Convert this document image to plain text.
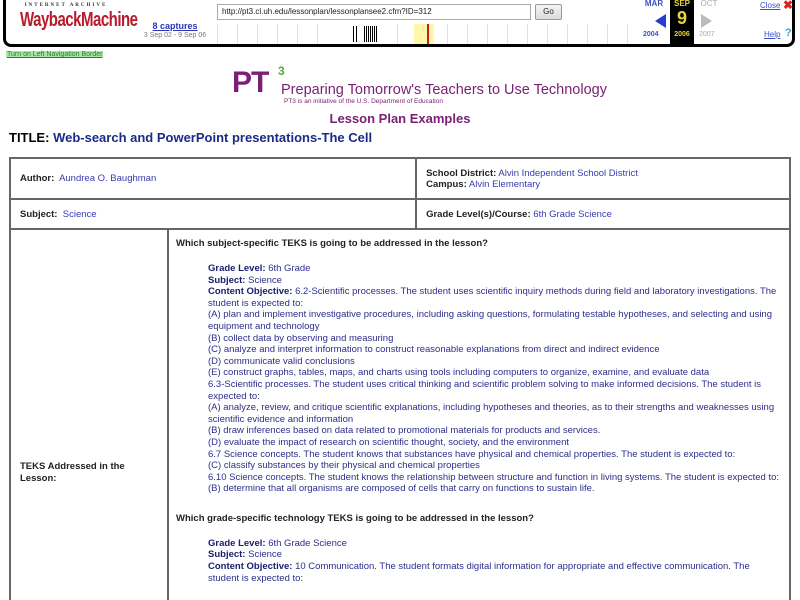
INTERNET ARCHIVE
WaybackMachine	8 captures
3 Sep 02 - 9 Sep 06
http://pt3.cl.uh.edu/lessonplan/lessonplansee2.cfm?ID=312	Go
MAR
2004
SEP
9
2006
OCT
2007
Close ✖
Help ?
Turn on Left Navigation Border
PT 3
Preparing Tomorrow's Teachers to Use Technology
PT3 is an initiative of the U.S. Department of Education
Lesson Plan Examples
TITLE: Web-search and PowerPoint presentations-The Cell
Author: Aundrea O. Baughman		School District: Alvin Independent School District
Campus: Alvin Elementary

Subject: Science		Grade Level(s)/Course: 6th Grade Science

TEKS Addressed in the Lesson:

Which subject-specific TEKS is going to be addressed in the lesson?
Grade Level: 6th Grade
Subject: Science
Content Objective: 6.2-Scientific processes. The student uses scientific inquiry methods during field and laboratory investigations. The student is expected to:
(A) plan and implement investigative procedures, including asking questions, formulating testable hypotheses, and selecting and using equipment and technology
(B) collect data by observing and measuring
(C) analyze and interpret information to construct reasonable explanations from direct and indirect evidence
(D) communicate valid conclusions
(E) construct graphs, tables, maps, and charts using tools including computers to organize, examine, and evaluate data
6.3-Scientific processes. The student uses critical thinking and scientific problem solving to make informed decisions. The student is expected to:
(A) analyze, review, and critique scientific explanations, including hypotheses and theories, as to their strengths and weaknesses using scientific evidence and information
(B) draw inferences based on data related to promotional materials for products and services.
(D) evaluate the impact of research on scientific thought, society, and the environment
6.7 Science concepts. The student knows that substances have physical and chemical properties. The student is expected to:
(C) classify substances by their physical and chemical properties
6.10 Science concepts. The student knows the relationship between structure and function in living systems. The student is expected to:
(B) determine that all organisms are composed of cells that carry on functions to sustain life.
Which grade-specific technology TEKS is going to be addressed in the lesson?
Grade Level: 6th Grade Science
Subject: Science
Content Objective: 10 Communication. The student formats digital information for appropriate and effective communication. The student is expected to:
